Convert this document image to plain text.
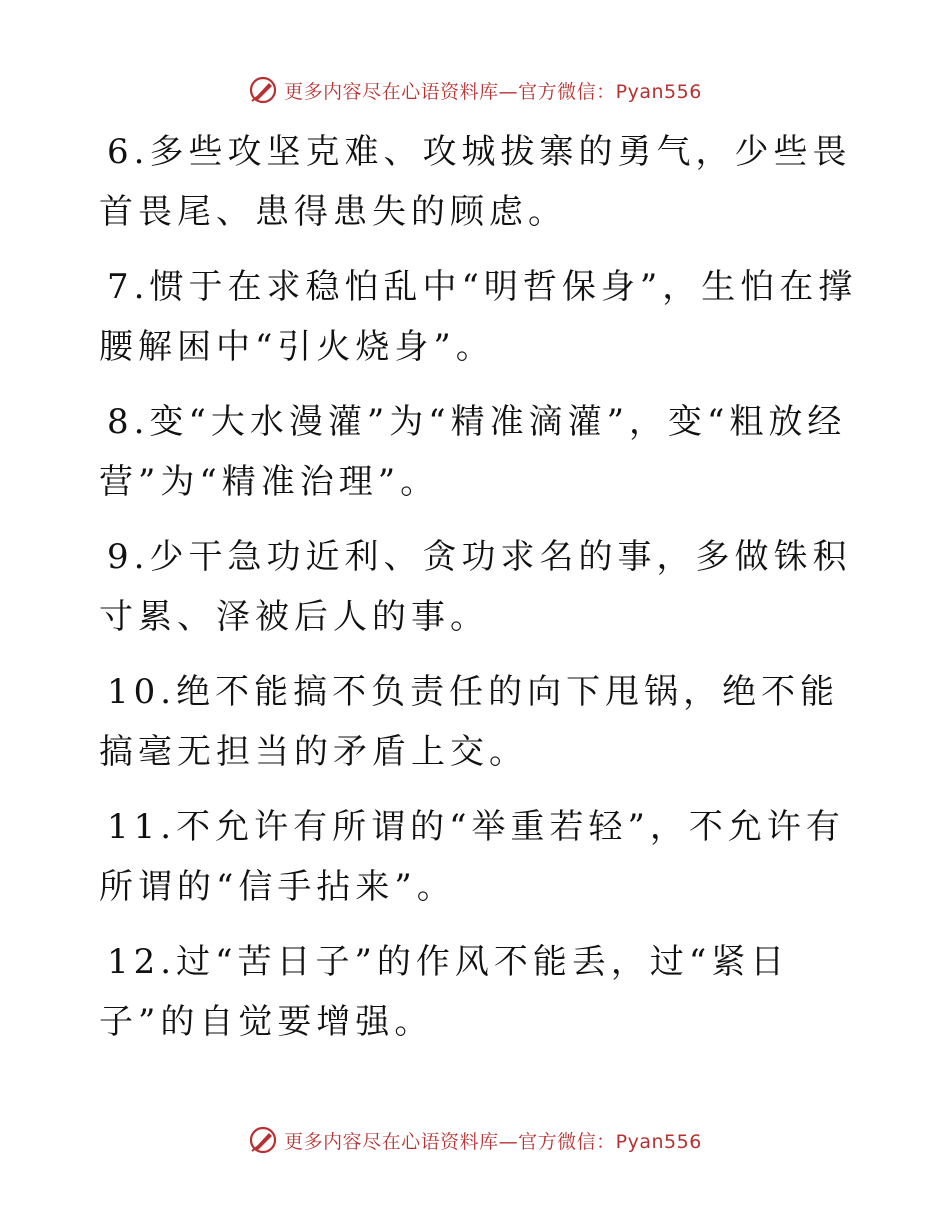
更多内容尽在心语资料库—官方微信：Pyan556

6.多些攻坚克难、攻城拔寨的勇气，少些畏首畏尾、患得患失的顾虑。

7.惯于在求稳怕乱中“明哲保身”，生怕在撑腰解困中“引火烧身”。

8.变“大水漫灌”为“精准滴灌”，变“粗放经营”为“精准治理”。

9.少干急功近利、贪功求名的事，多做铢积寸累、泽被后人的事。

10.绝不能搞不负责任的向下甩锅，绝不能搞毫无担当的矛盾上交。

11.不允许有所谓的“举重若轻”，不允许有所谓的“信手拈来”。

12.过“苦日子”的作风不能丢，过“紧日子”的自觉要增强。

更多内容尽在心语资料库—官方微信：Pyan556
